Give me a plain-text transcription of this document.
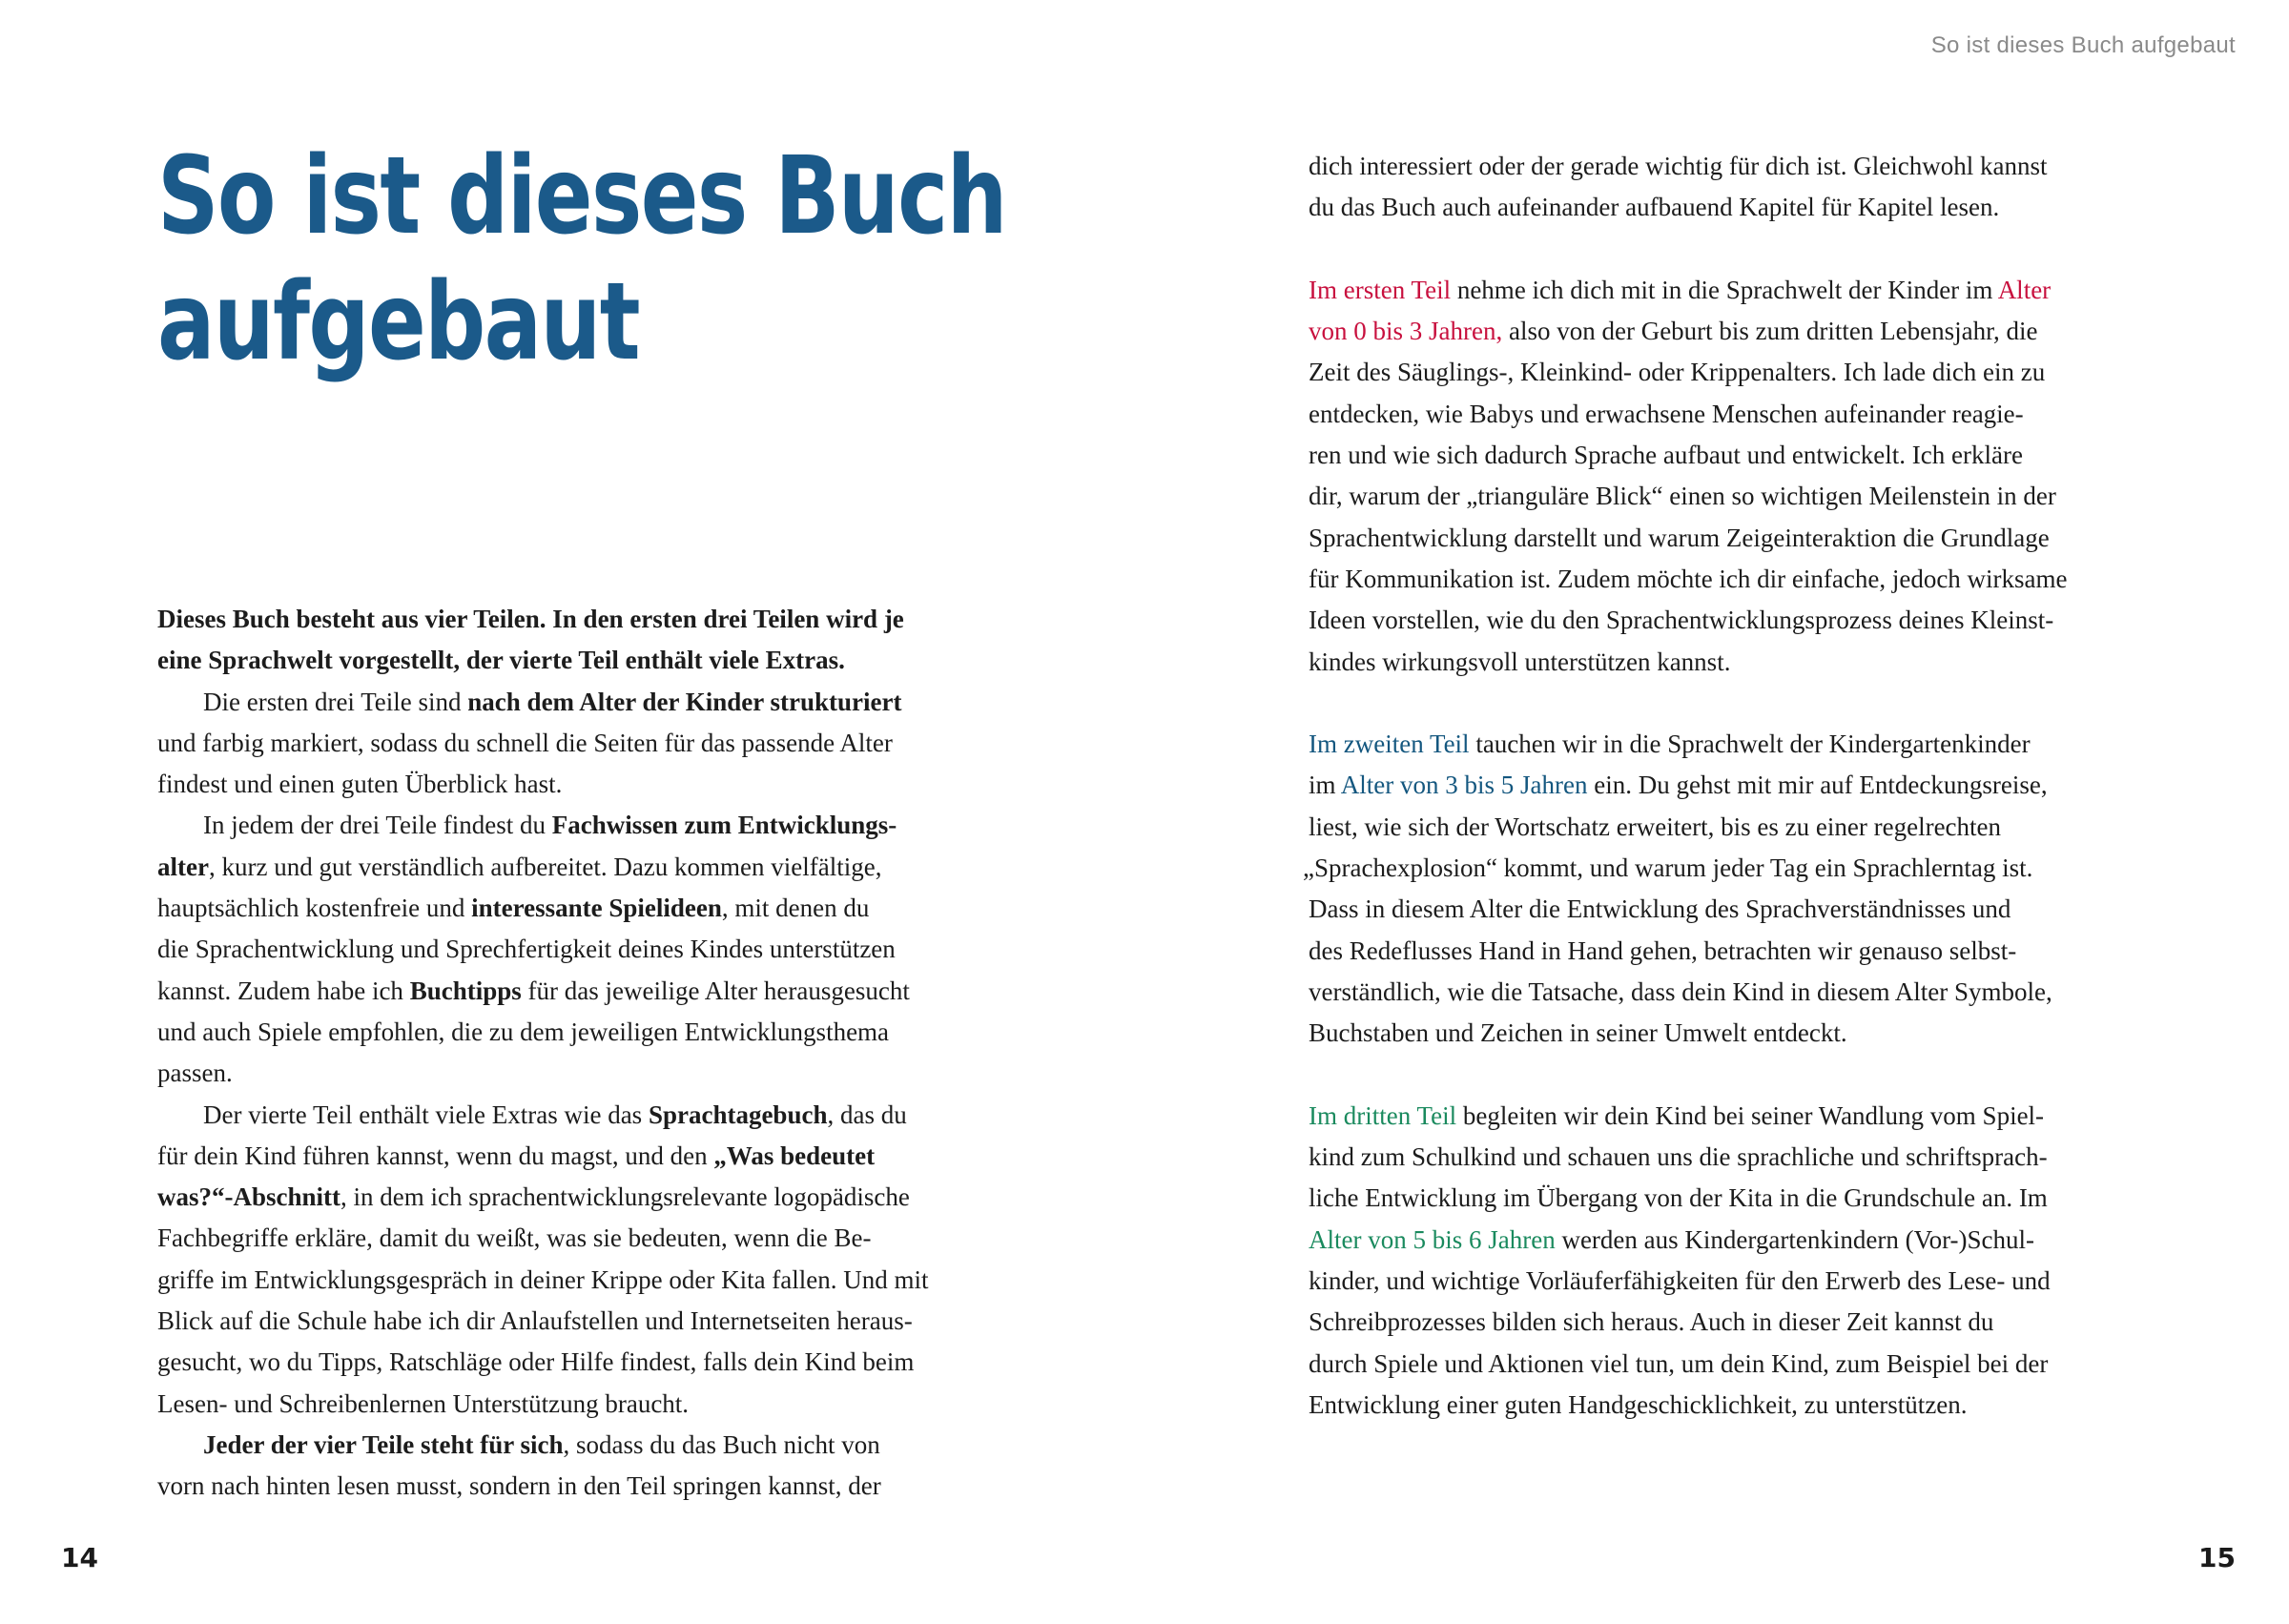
So ist dieses Buch aufgebaut
So ist dieses Buch
aufgebaut

Dieses Buch besteht aus vier Teilen. In den ersten drei Teilen wird je
eine Sprachwelt vorgestellt, der vierte Teil enthält viele Extras.

Die ersten drei Teile sind nach dem Alter der Kinder strukturiert
und farbig markiert, sodass du schnell die Seiten für das passende Alter
findest und einen guten Überblick hast.

In jedem der drei Teile findest du Fachwissen zum Entwicklungs-
alter, kurz und gut verständlich aufbereitet. Dazu kommen vielfältige,
hauptsächlich kostenfreie und interessante Spielideen, mit denen du
die Sprachentwicklung und Sprechfertigkeit deines Kindes unterstützen
kannst. Zudem habe ich Buchtipps für das jeweilige Alter herausgesucht
und auch Spiele empfohlen, die zu dem jeweiligen Entwicklungsthema
passen.

Der vierte Teil enthält viele Extras wie das Sprachtagebuch, das du
für dein Kind führen kannst, wenn du magst, und den „Was bedeutet
was?“-Abschnitt, in dem ich sprachentwicklungsrelevante logopädische
Fachbegriffe erkläre, damit du weißt, was sie bedeuten, wenn die Be-
griffe im Entwicklungsgespräch in deiner Krippe oder Kita fallen. Und mit
Blick auf die Schule habe ich dir Anlaufstellen und Internetseiten heraus-
gesucht, wo du Tipps, Ratschläge oder Hilfe findest, falls dein Kind beim
Lesen- und Schreibenlernen Unterstützung braucht.

Jeder der vier Teile steht für sich, sodass du das Buch nicht von
vorn nach hinten lesen musst, sondern in den Teil springen kannst, der

dich interessiert oder der gerade wichtig für dich ist. Gleichwohl kannst
du das Buch auch aufeinander aufbauend Kapitel für Kapitel lesen.

Im ersten Teil nehme ich dich mit in die Sprachwelt der Kinder im Alter
von 0 bis 3 Jahren, also von der Geburt bis zum dritten Lebensjahr, die
Zeit des Säuglings-, Kleinkind- oder Krippenalters. Ich lade dich ein zu
entdecken, wie Babys und erwachsene Menschen aufeinander reagie-
ren und wie sich dadurch Sprache aufbaut und entwickelt. Ich erkläre
dir, warum der „trianguläre Blick“ einen so wichtigen Meilenstein in der
Sprachentwicklung darstellt und warum Zeigeinteraktion die Grundlage
für Kommunikation ist. Zudem möchte ich dir einfache, jedoch wirksame
Ideen vorstellen, wie du den Sprachentwicklungsprozess deines Kleinst-
kindes wirkungsvoll unterstützen kannst.

Im zweiten Teil tauchen wir in die Sprachwelt der Kindergartenkinder
im Alter von 3 bis 5 Jahren ein. Du gehst mit mir auf Entdeckungsreise,
liest, wie sich der Wortschatz erweitert, bis es zu einer regelrechten
„Sprachexplosion“ kommt, und warum jeder Tag ein Sprachlerntag ist.
Dass in diesem Alter die Entwicklung des Sprachverständnisses und
des Redeflusses Hand in Hand gehen, betrachten wir genauso selbst-
verständlich, wie die Tatsache, dass dein Kind in diesem Alter Symbole,
Buchstaben und Zeichen in seiner Umwelt entdeckt.

Im dritten Teil begleiten wir dein Kind bei seiner Wandlung vom Spiel-
kind zum Schulkind und schauen uns die sprachliche und schriftsprach-
liche Entwicklung im Übergang von der Kita in die Grundschule an. Im
Alter von 5 bis 6 Jahren werden aus Kindergartenkindern (Vor-)Schul-
kinder, und wichtige Vorläuferfähigkeiten für den Erwerb des Lese- und
Schreibprozesses bilden sich heraus. Auch in dieser Zeit kannst du
durch Spiele und Aktionen viel tun, um dein Kind, zum Beispiel bei der
Entwicklung einer guten Handgeschicklichkeit, zu unterstützen.

14	15
